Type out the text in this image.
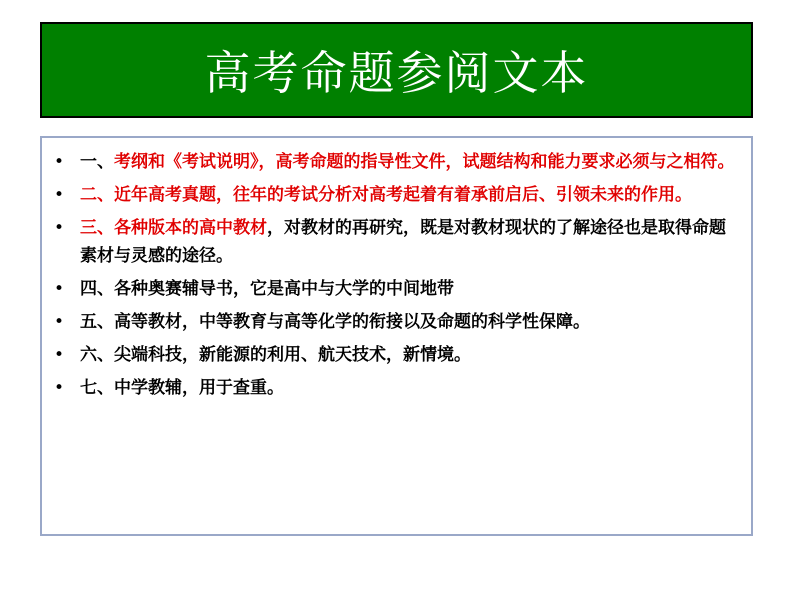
高考命题参阅文本
• 一、考纲和《考试说明》，高考命题的指导性文件，试题结构和能力要求必须与之相符。
• 二、近年高考真题，往年的考试分析对高考起着有着承前启后、引领未来的作用。
• 三、各种版本的高中教材，对教材的再研究，既是对教材现状的了解途径也是取得命题素材与灵感的途径。
• 四、各种奥赛辅导书，它是高中与大学的中间地带
• 五、高等教材，中等教育与高等化学的衔接以及命题的科学性保障。
• 六、尖端科技，新能源的利用、航天技术，新情境。
• 七、中学教辅，用于查重。
